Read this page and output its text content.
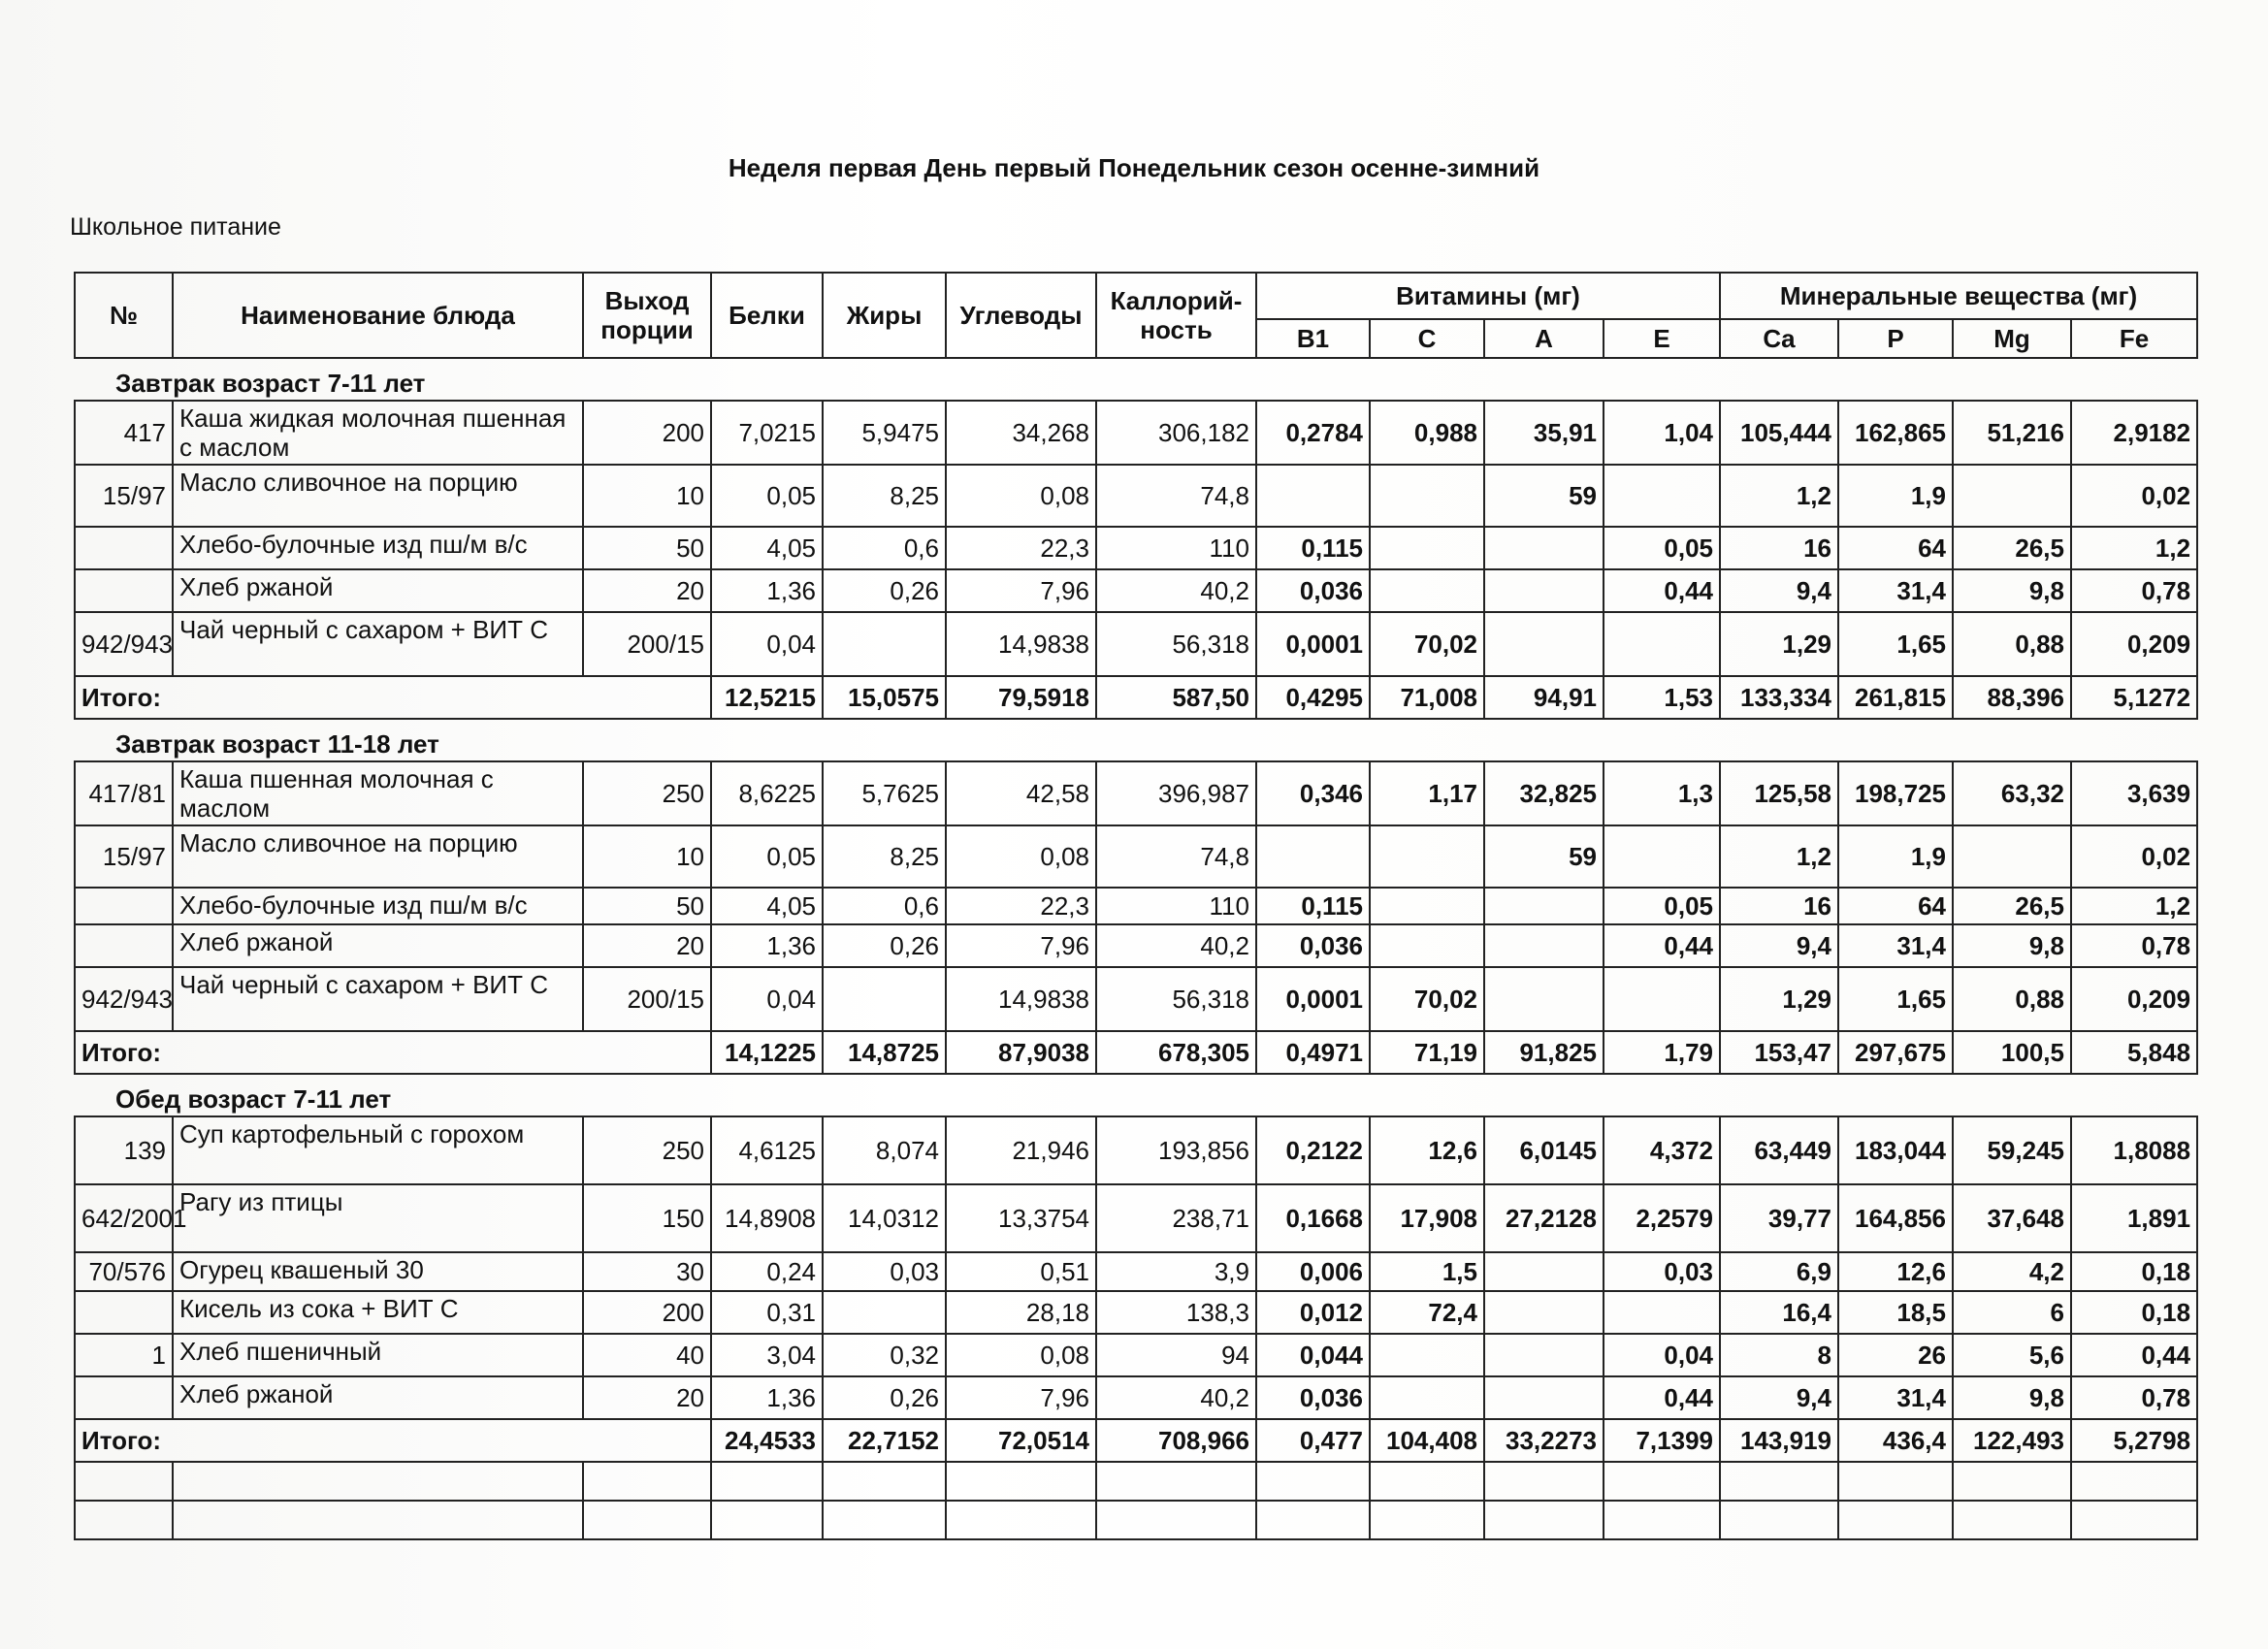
Неделя первая День первый Понедельник сезон осенне-зимний
Школьное питание
№	Наименование блюда	Выход порции	Белки	Жиры	Углеводы	Каллорий-ность	Витамины (мг)				Минеральные вещества (мг)			
							B1	C	A	E	Ca	P	Mg	Fe
Завтрак возраст 7-11 лет														
417	Каша жидкая молочная пшенная с маслом	200	7,0215	5,9475	34,268	306,182	0,2784	0,988	35,91	1,04	105,444	162,865	51,216	2,9182
15/97	Масло сливочное на порцию	10	0,05	8,25	0,08	74,8			59		1,2	1,9		0,02
	Хлебо-булочные изд пш/м в/с	50	4,05	0,6	22,3	110	0,115			0,05	16	64	26,5	1,2
	Хлеб ржаной	20	1,36	0,26	7,96	40,2	0,036			0,44	9,4	31,4	9,8	0,78
942/943	Чай черный с сахаром + ВИТ С	200/15	0,04		14,9838	56,318	0,0001	70,02			1,29	1,65	0,88	0,209
Итого:			12,5215	15,0575	79,5918	587,50	0,4295	71,008	94,91	1,53	133,334	261,815	88,396	5,1272
Завтрак возраст 11-18 лет														
417/81	Каша пшенная молочная с маслом	250	8,6225	5,7625	42,58	396,987	0,346	1,17	32,825	1,3	125,58	198,725	63,32	3,639
15/97	Масло сливочное на порцию	10	0,05	8,25	0,08	74,8			59		1,2	1,9		0,02
	Хлебо-булочные изд пш/м в/с	50	4,05	0,6	22,3	110	0,115			0,05	16	64	26,5	1,2
	Хлеб ржаной	20	1,36	0,26	7,96	40,2	0,036			0,44	9,4	31,4	9,8	0,78
942/943	Чай черный с сахаром + ВИТ С	200/15	0,04		14,9838	56,318	0,0001	70,02			1,29	1,65	0,88	0,209
Итого:			14,1225	14,8725	87,9038	678,305	0,4971	71,19	91,825	1,79	153,47	297,675	100,5	5,848
Обед возраст 7-11 лет														
139	Суп картофельный с горохом	250	4,6125	8,074	21,946	193,856	0,2122	12,6	6,0145	4,372	63,449	183,044	59,245	1,8088
642/2001	Рагу из птицы	150	14,8908	14,0312	13,3754	238,71	0,1668	17,908	27,2128	2,2579	39,77	164,856	37,648	1,891
70/576	Огурец квашеный 30	30	0,24	0,03	0,51	3,9	0,006	1,5		0,03	6,9	12,6	4,2	0,18
	Кисель из сока + ВИТ С	200	0,31		28,18	138,3	0,012	72,4			16,4	18,5	6	0,18
1	Хлеб пшеничный	40	3,04	0,32	0,08	94	0,044			0,04	8	26	5,6	0,44
	Хлеб ржаной	20	1,36	0,26	7,96	40,2	0,036			0,44	9,4	31,4	9,8	0,78
Итого:			24,4533	22,7152	72,0514	708,966	0,477	104,408	33,2273	7,1399	143,919	436,4	122,493	5,2798
